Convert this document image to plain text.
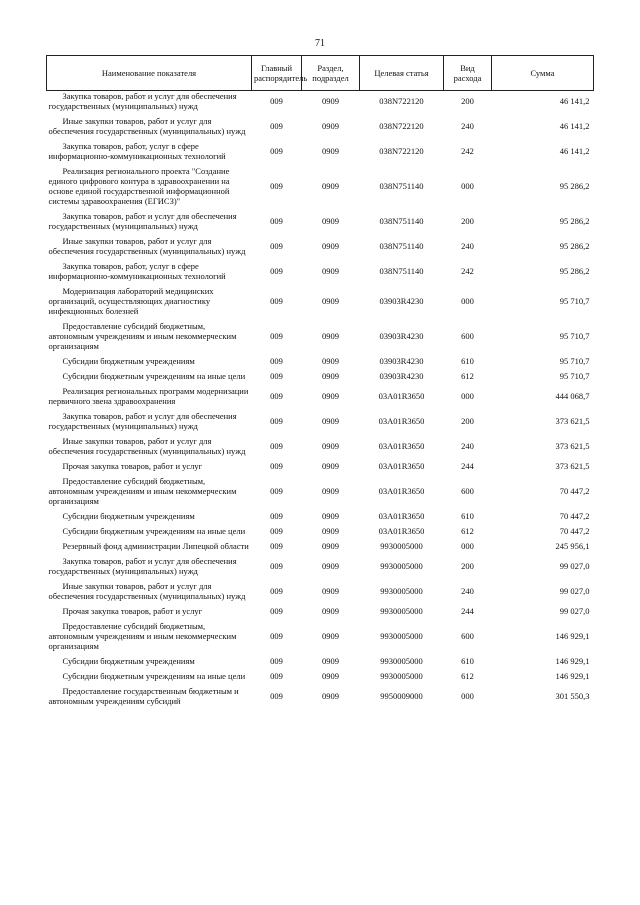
71
Наименование показателя	Главный распорядитель	Раздел, подраздел	Целевая статья	Вид расхода	Сумма
Закупка товаров, работ и услуг для обеспечения государственных (муниципальных) нужд	009	0909	038N722120	200	46 141,2
Иные закупки товаров, работ и услуг для обеспечения государственных (муниципальных) нужд	009	0909	038N722120	240	46 141,2
Закупка товаров, работ, услуг в сфере информационно-коммуникационных технологий	009	0909	038N722120	242	46 141,2
Реализация регионального проекта "Создание единого цифрового контура в здравоохранении на основе единой государственной информационной системы здравоохранения (ЕГИСЗ)"	009	0909	038N751140	000	95 286,2
Закупка товаров, работ и услуг для обеспечения государственных (муниципальных) нужд	009	0909	038N751140	200	95 286,2
Иные закупки товаров, работ и услуг для обеспечения государственных (муниципальных) нужд	009	0909	038N751140	240	95 286,2
Закупка товаров, работ, услуг в сфере информационно-коммуникационных технологий	009	0909	038N751140	242	95 286,2
Модернизация лабораторий медицинских организаций, осуществляющих диагностику инфекционных болезней	009	0909	03903R4230	000	95 710,7
Предоставление субсидий бюджетным, автономным учреждениям и иным некоммерческим организациям	009	0909	03903R4230	600	95 710,7
Субсидии бюджетным учреждениям	009	0909	03903R4230	610	95 710,7
Субсидии бюджетным учреждениям на иные цели	009	0909	03903R4230	612	95 710,7
Реализация региональных программ модернизации первичного звена здравоохранения	009	0909	03А01R3650	000	444 068,7
Закупка товаров, работ и услуг для обеспечения государственных (муниципальных) нужд	009	0909	03А01R3650	200	373 621,5
Иные закупки товаров, работ и услуг для обеспечения государственных (муниципальных) нужд	009	0909	03А01R3650	240	373 621,5
Прочая закупка товаров, работ и услуг	009	0909	03А01R3650	244	373 621,5
Предоставление субсидий бюджетным, автономным учреждениям и иным некоммерческим организациям	009	0909	03А01R3650	600	70 447,2
Субсидии бюджетным учреждениям	009	0909	03А01R3650	610	70 447,2
Субсидии бюджетным учреждениям на иные цели	009	0909	03А01R3650	612	70 447,2
Резервный фонд администрации Липецкой области	009	0909	9930005000	000	245 956,1
Закупка товаров, работ и услуг для обеспечения государственных (муниципальных) нужд	009	0909	9930005000	200	99 027,0
Иные закупки товаров, работ и услуг для обеспечения государственных (муниципальных) нужд	009	0909	9930005000	240	99 027,0
Прочая закупка товаров, работ и услуг	009	0909	9930005000	244	99 027,0
Предоставление субсидий бюджетным, автономным учреждениям и иным некоммерческим организациям	009	0909	9930005000	600	146 929,1
Субсидии бюджетным учреждениям	009	0909	9930005000	610	146 929,1
Субсидии бюджетным учреждениям на иные цели	009	0909	9930005000	612	146 929,1
Предоставление государственным бюджетным и автономным учреждениям субсидий	009	0909	9950009000	000	301 550,3
